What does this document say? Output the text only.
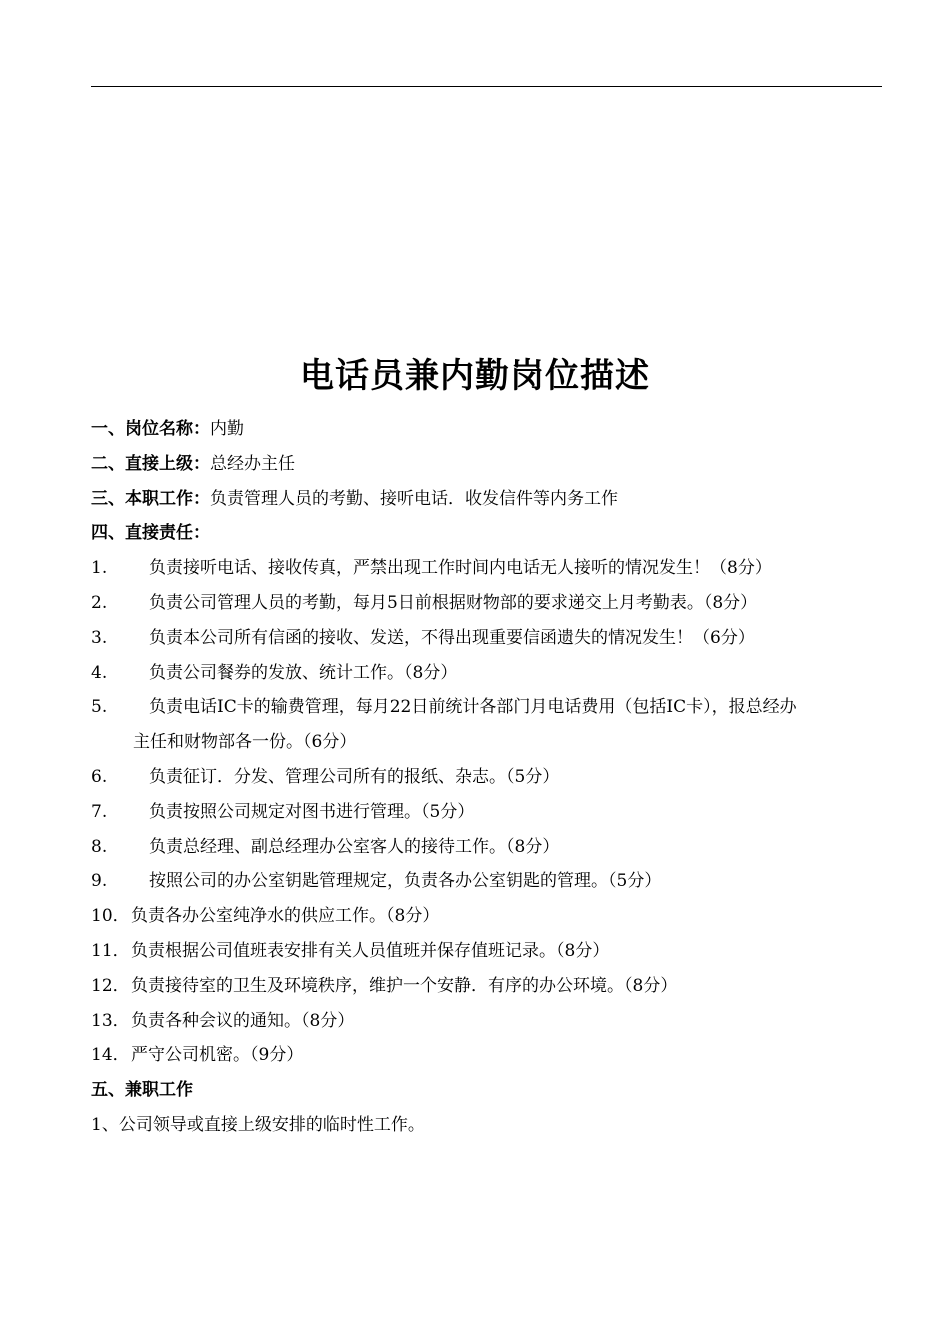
电话员兼内勤岗位描述
一、岗位名称：内勤
二、直接上级：总经办主任
三、本职工作：负责管理人员的考勤、接听电话．收发信件等内务工作
四、直接责任：
1. 负责接听电话、接收传真，严禁出现工作时间内电话无人接听的情况发生！（8分）
2. 负责公司管理人员的考勤，每月5日前根据财物部的要求递交上月考勤表。（8分）
3. 负责本公司所有信函的接收、发送，不得出现重要信函遗失的情况发生！（6分）
4. 负责公司餐券的发放、统计工作。（8分）
5. 负责电话IC卡的输费管理，每月22日前统计各部门月电话费用（包括IC卡），报总经办
主任和财物部各一份。（6分）
6. 负责征订．分发、管理公司所有的报纸、杂志。（5分）
7. 负责按照公司规定对图书进行管理。（5分）
8. 负责总经理、副总经理办公室客人的接待工作。（8分）
9. 按照公司的办公室钥匙管理规定，负责各办公室钥匙的管理。（5分）
10．负责各办公室纯净水的供应工作。（8分）
11．负责根据公司值班表安排有关人员值班并保存值班记录。（8分）
12．负责接待室的卫生及环境秩序，维护一个安静．有序的办公环境。（8分）
13．负责各种会议的通知。（8分）
14．严守公司机密。（9分）
五、兼职工作
1、公司领导或直接上级安排的临时性工作。
